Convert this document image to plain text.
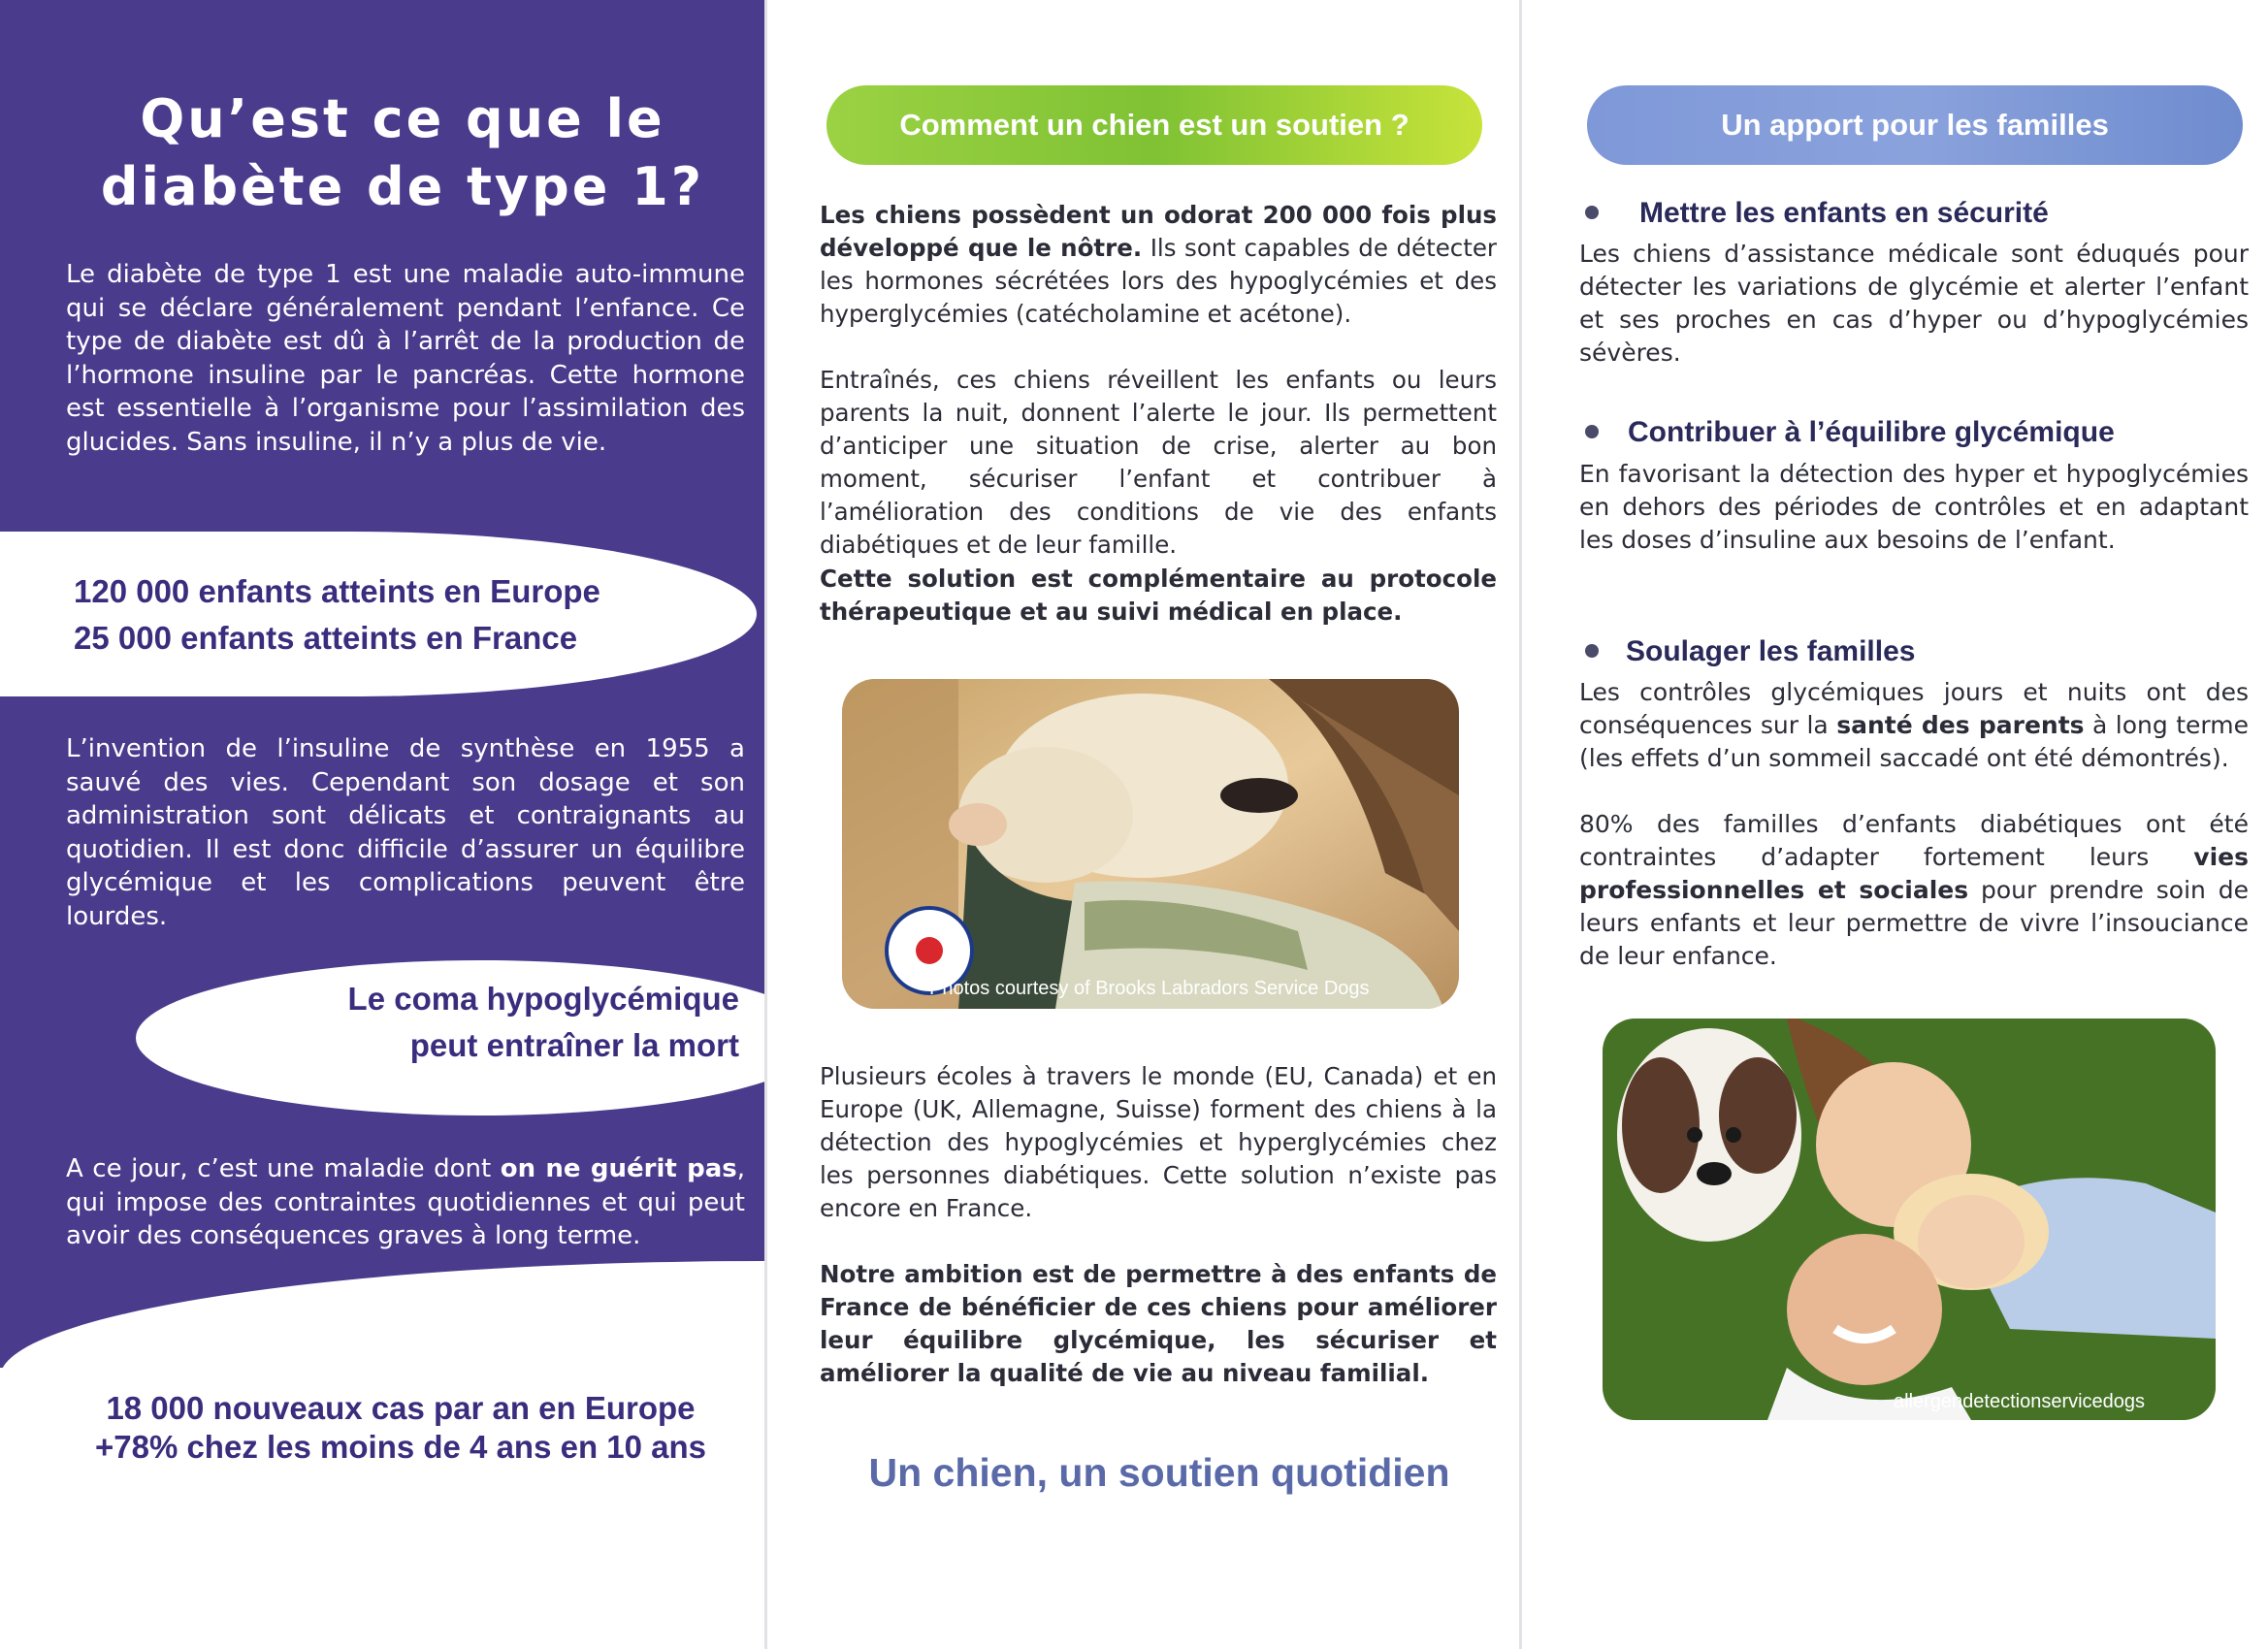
Qu’est ce que le diabète de type 1?
Le diabète de type 1 est une maladie auto-immune qui se déclare généralement pendant l’enfance. Ce type de diabète est dû à l’arrêt de la production de l’hormone insuline par le pancréas. Cette hormone est essentielle à l’organisme pour l’assimilation des glucides. Sans insuline, il n’y a plus de vie.
120 000 enfants atteints en Europe
25 000 enfants atteints en France
L’invention de l’insuline de synthèse en 1955 a sauvé des vies. Cependant son dosage et son administration sont délicats et contraignants au quotidien. Il est donc difficile d’assurer un équilibre glycémique et les complications peuvent être lourdes.
Le coma hypoglycémique
peut entraîner la mort
A ce jour, c’est une maladie dont on ne guérit pas, qui impose des contraintes quotidiennes et qui peut avoir des conséquences graves à long terme.
18 000 nouveaux cas par an en Europe
+78% chez les moins de 4 ans en 10 ans
Comment un chien est un soutien ?
Les chiens possèdent un odorat 200 000 fois plus développé que le nôtre. Ils sont capables de détecter les hormones sécrétées lors des hypoglycémies et des hyperglycémies (catécholamine et acétone).
Entraînés, ces chiens réveillent les enfants ou leurs parents la nuit, donnent l’alerte le jour. Ils permettent d’anticiper une situation de crise, alerter au bon moment, sécuriser l’enfant et contribuer à l’amélioration des conditions de vie des enfants diabétiques et de leur famille.
Cette solution est complémentaire au protocole thérapeutique et au suivi médical en place.
Photos courtesy of Brooks Labradors Service Dogs
Plusieurs écoles à travers le monde (EU, Canada) et en Europe (UK, Allemagne, Suisse) forment des chiens à la détection des hypoglycémies et hyperglycémies chez les personnes diabétiques. Cette solution n’existe pas encore en France.
Notre ambition est de permettre à des enfants de France de bénéficier de ces chiens pour améliorer leur équilibre glycémique, les sécuriser et améliorer la qualité de vie au niveau familial.
Un chien, un soutien quotidien
Un apport pour les familles
Mettre les enfants en sécurité
Les chiens d’assistance médicale sont éduqués pour détecter les variations de glycémie et alerter l’enfant et ses proches en cas d’hyper ou d’hypoglycémies sévères.
Contribuer à l’équilibre glycémique
En favorisant la détection des hyper et hypoglycémies en dehors des périodes de contrôles et en adaptant les doses d’insuline aux besoins de l’enfant.
Soulager les familles
Les contrôles glycémiques jours et nuits ont des conséquences sur la santé des parents à long terme (les effets d’un sommeil saccadé ont été démontrés).
80% des familles d’enfants diabétiques ont été contraintes d’adapter fortement leurs vies professionnelles et sociales pour prendre soin de leurs enfants et leur permettre de vivre l’insouciance de leur enfance.
allergendetectionservicedogs
